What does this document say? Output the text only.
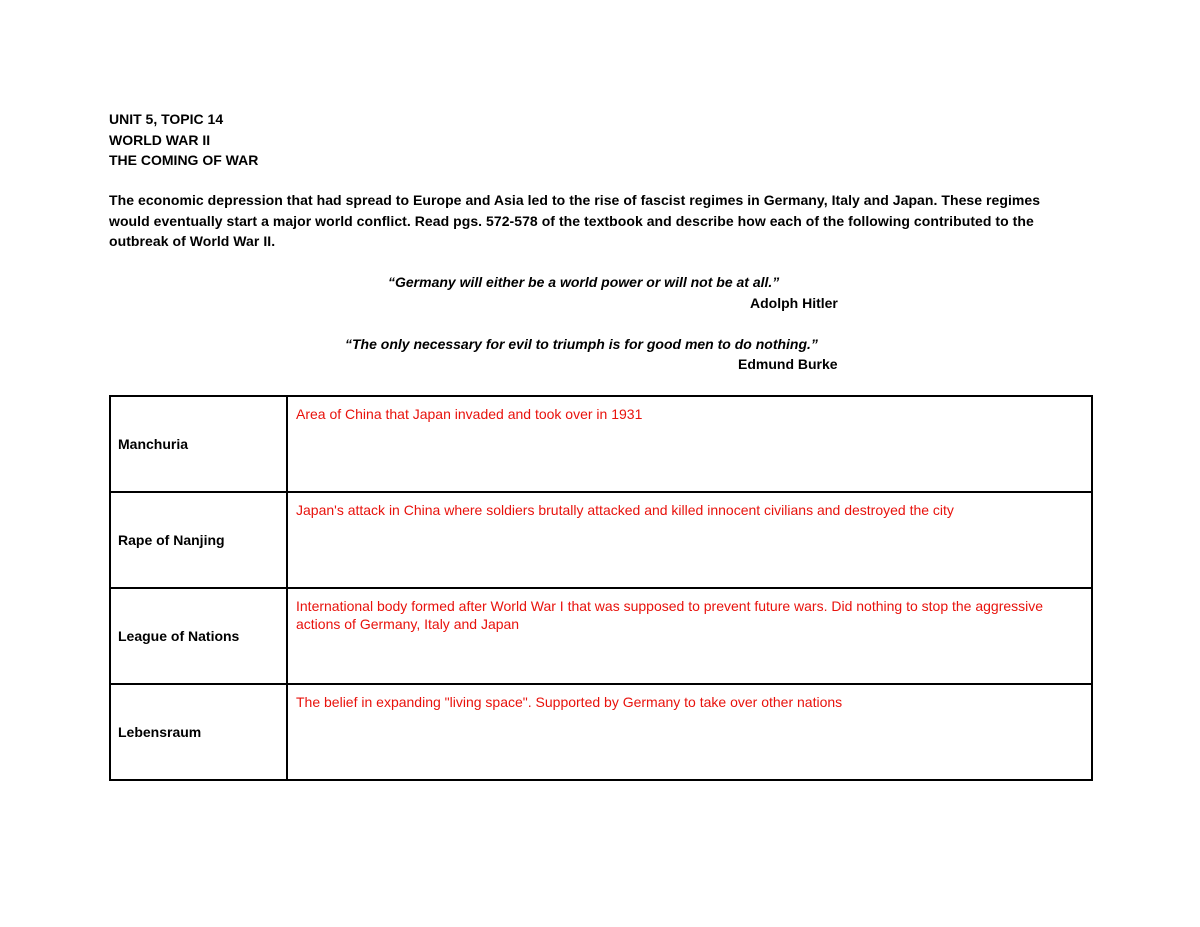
UNIT 5, TOPIC 14
WORLD WAR II
THE COMING OF WAR
The economic depression that had spread to Europe and Asia led to the rise of fascist regimes in Germany, Italy and Japan. These regimes would eventually start a major world conflict. Read pgs. 572-578 of the textbook and describe how each of the following contributed to the outbreak of World War II.
“Germany will either be a world power or will not be at all.”
Adolph Hitler
“The only necessary for evil to triumph is for good men to do nothing.”
Edmund Burke
Manchuria	Area of China that Japan invaded and took over in 1931
Rape of Nanjing	Japan's attack in China where soldiers brutally attacked and killed innocent civilians and destroyed the city
League of Nations	International body formed after World War I that was supposed to prevent future wars. Did nothing to stop the aggressive actions of Germany, Italy and Japan
Lebensraum	The belief in expanding "living space". Supported by Germany to take over other nations
